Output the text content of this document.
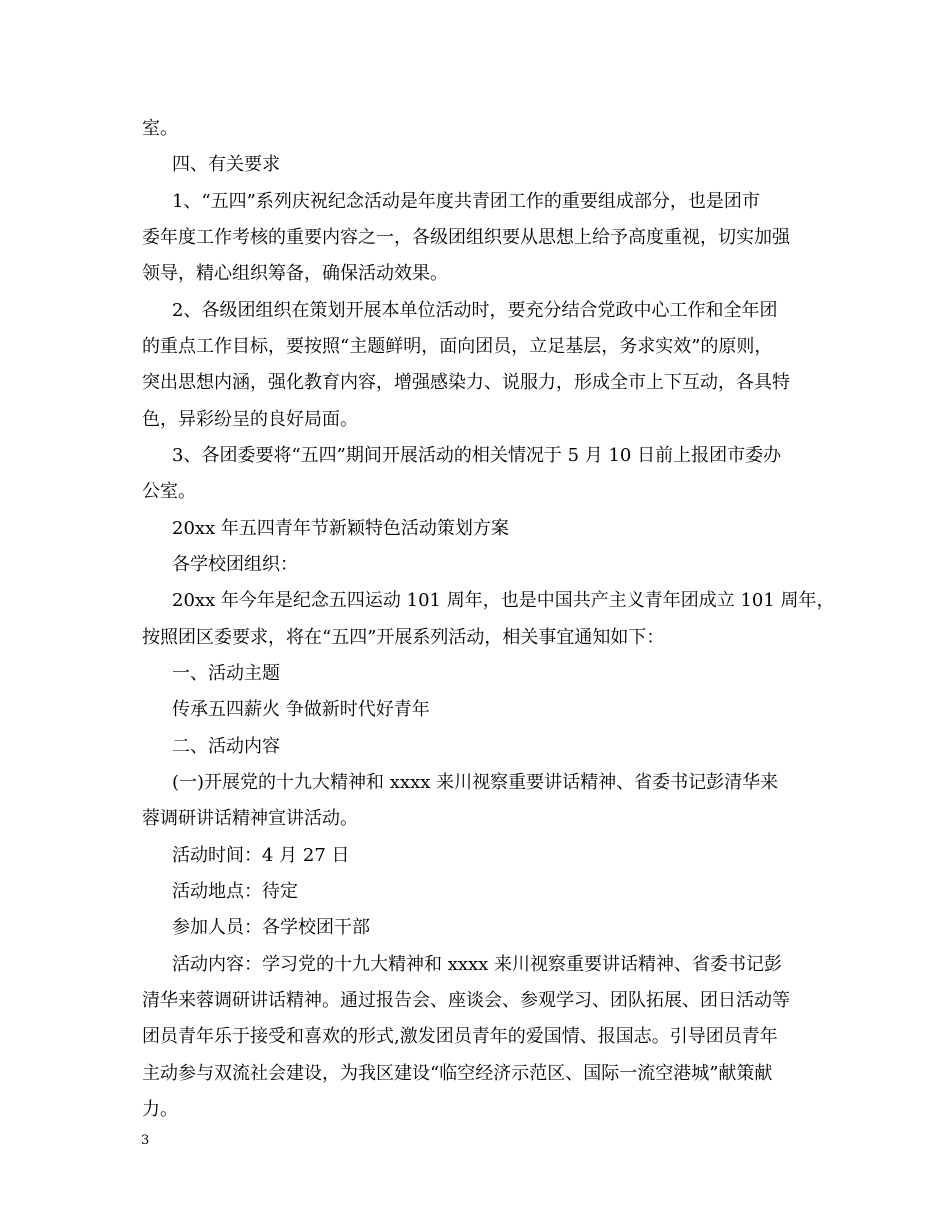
室。

四、有关要求

1、“五四”系列庆祝纪念活动是年度共青团工作的重要组成部分，也是团市

委年度工作考核的重要内容之一，各级团组织要从思想上给予高度重视，切实加强

领导，精心组织筹备，确保活动效果。

2、各级团组织在策划开展本单位活动时，要充分结合党政中心工作和全年团

的重点工作目标，要按照“主题鲜明，面向团员，立足基层，务求实效”的原则，

突出思想内涵，强化教育内容，增强感染力、说服力，形成全市上下互动，各具特

色，异彩纷呈的良好局面。

3、各团委要将“五四”期间开展活动的相关情况于 5 月 10 日前上报团市委办

公室。

20xx 年五四青年节新颖特色活动策划方案

各学校团组织：

20xx 年今年是纪念五四运动 101 周年，也是中国共产主义青年团成立 101 周年，

按照团区委要求，将在“五四”开展系列活动，相关事宜通知如下：

一、活动主题

传承五四薪火 争做新时代好青年

二、活动内容

(一)开展党的十九大精神和 xxxx 来川视察重要讲话精神、省委书记彭清华来

蓉调研讲话精神宣讲活动。

活动时间：4 月 27 日

活动地点：待定

参加人员：各学校团干部

活动内容：学习党的十九大精神和 xxxx 来川视察重要讲话精神、省委书记彭

清华来蓉调研讲话精神。通过报告会、座谈会、参观学习、团队拓展、团日活动等

团员青年乐于接受和喜欢的形式,激发团员青年的爱国情、报国志。引导团员青年

主动参与双流社会建设，为我区建设“临空经济示范区、国际一流空港城”献策献

力。

3
